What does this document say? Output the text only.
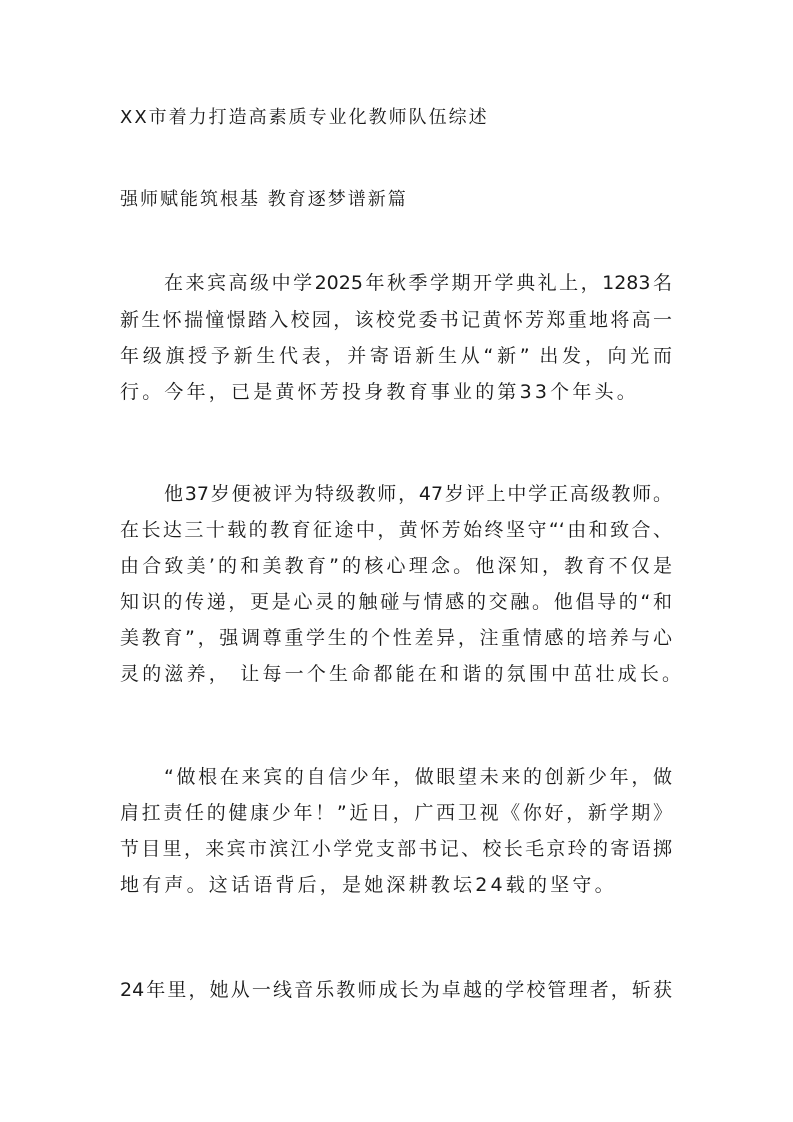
XX市着力打造高素质专业化教师队伍综述
强师赋能筑根基 教育逐梦谱新篇
在来宾高级中学2025年秋季学期开学典礼上，1283名
新生怀揣憧憬踏入校园，该校党委书记黄怀芳郑重地将高一
年级旗授予新生代表，并寄语新生从“新” 出发，向光而
行。今年，已是黄怀芳投身教育事业的第33个年头。
他37岁便被评为特级教师，47岁评上中学正高级教师。
在长达三十载的教育征途中，黄怀芳始终坚守“‘由和致合、
由合致美’的和美教育”的核心理念。他深知，教育不仅是
知识的传递，更是心灵的触碰与情感的交融。他倡导的“和
美教育”，强调尊重学生的个性差异，注重情感的培养与心
灵的滋养， 让每一个生命都能在和谐的氛围中茁壮成长。
“做根在来宾的自信少年，做眼望未来的创新少年，做
肩扛责任的健康少年！”近日，广西卫视《你好，新学期》
节目里，来宾市滨江小学党支部书记、校长毛京玲的寄语掷
地有声。这话语背后，是她深耕教坛24载的坚守。
24年里，她从一线音乐教师成长为卓越的学校管理者，斩获
